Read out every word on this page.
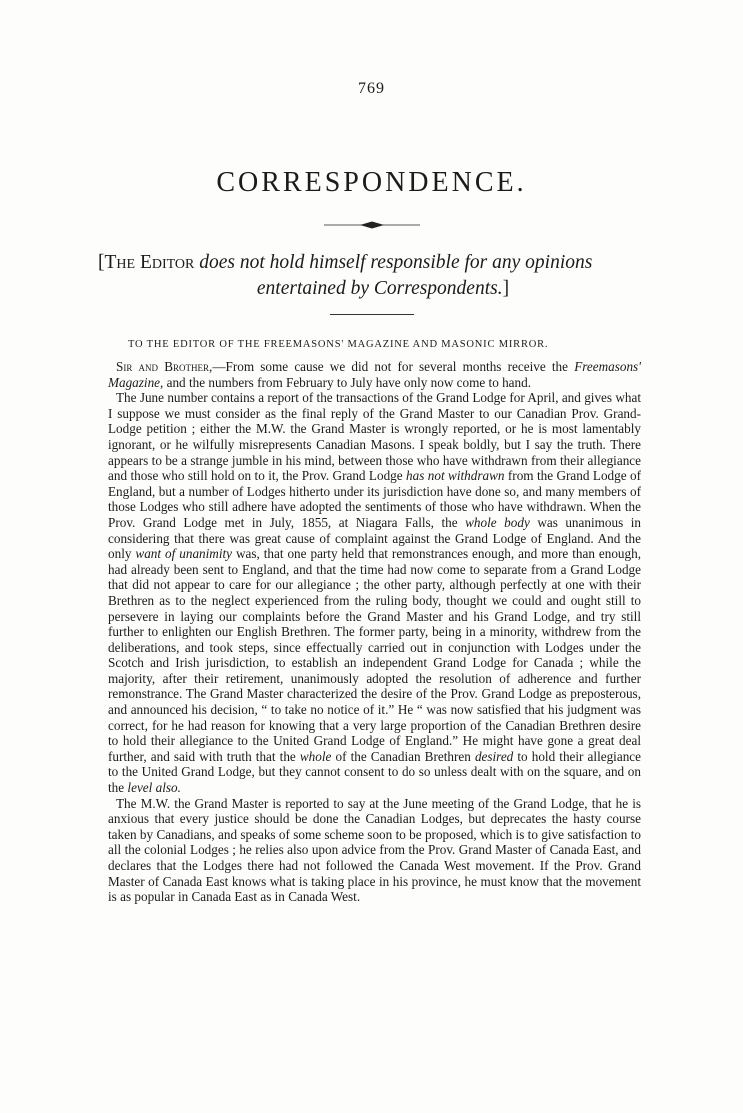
769
CORRESPONDENCE.

[The Editor does not hold himself responsible for any opinions
entertained by Correspondents.]

TO THE EDITOR OF THE FREEMASONS' MAGAZINE AND MASONIC MIRROR.

Sir and Brother,—From some cause we did not for several months receive the Freemasons' Magazine, and the numbers from February to July have only now come to hand.

The June number contains a report of the transactions of the Grand Lodge for April, and gives what I suppose we must consider as the final reply of the Grand Master to our Canadian Prov. Grand-Lodge petition ; either the M.W. the Grand Master is wrongly reported, or he is most lamentably ignorant, or he wilfully misrepresents Canadian Masons. I speak boldly, but I say the truth. There appears to be a strange jumble in his mind, between those who have withdrawn from their allegiance and those who still hold on to it, the Prov. Grand Lodge has not withdrawn from the Grand Lodge of England, but a number of Lodges hitherto under its jurisdiction have done so, and many members of those Lodges who still adhere have adopted the sentiments of those who have withdrawn. When the Prov. Grand Lodge met in July, 1855, at Niagara Falls, the whole body was unanimous in considering that there was great cause of complaint against the Grand Lodge of England. And the only want of unanimity was, that one party held that remonstrances enough, and more than enough, had already been sent to England, and that the time had now come to separate from a Grand Lodge that did not appear to care for our allegiance ; the other party, although perfectly at one with their Brethren as to the neglect experienced from the ruling body, thought we could and ought still to persevere in laying our complaints before the Grand Master and his Grand Lodge, and try still further to enlighten our English Brethren. The former party, being in a minority, withdrew from the deliberations, and took steps, since effectually carried out in conjunction with Lodges under the Scotch and Irish jurisdiction, to establish an independent Grand Lodge for Canada ; while the majority, after their retirement, unanimously adopted the resolution of adherence and further remonstrance. The Grand Master characterized the desire of the Prov. Grand Lodge as preposterous, and announced his decision, “ to take no notice of it.” He “ was now satisfied that his judgment was correct, for he had reason for knowing that a very large proportion of the Canadian Brethren desire to hold their allegiance to the United Grand Lodge of England.” He might have gone a great deal further, and said with truth that the whole of the Canadian Brethren desired to hold their allegiance to the United Grand Lodge, but they cannot consent to do so unless dealt with on the square, and on the level also.

The M.W. the Grand Master is reported to say at the June meeting of the Grand Lodge, that he is anxious that every justice should be done the Canadian Lodges, but deprecates the hasty course taken by Canadians, and speaks of some scheme soon to be proposed, which is to give satisfaction to all the colonial Lodges ; he relies also upon advice from the Prov. Grand Master of Canada East, and declares that the Lodges there had not followed the Canada West movement. If the Prov. Grand Master of Canada East knows what is taking place in his province, he must know that the movement is as popular in Canada East as in Canada West.
